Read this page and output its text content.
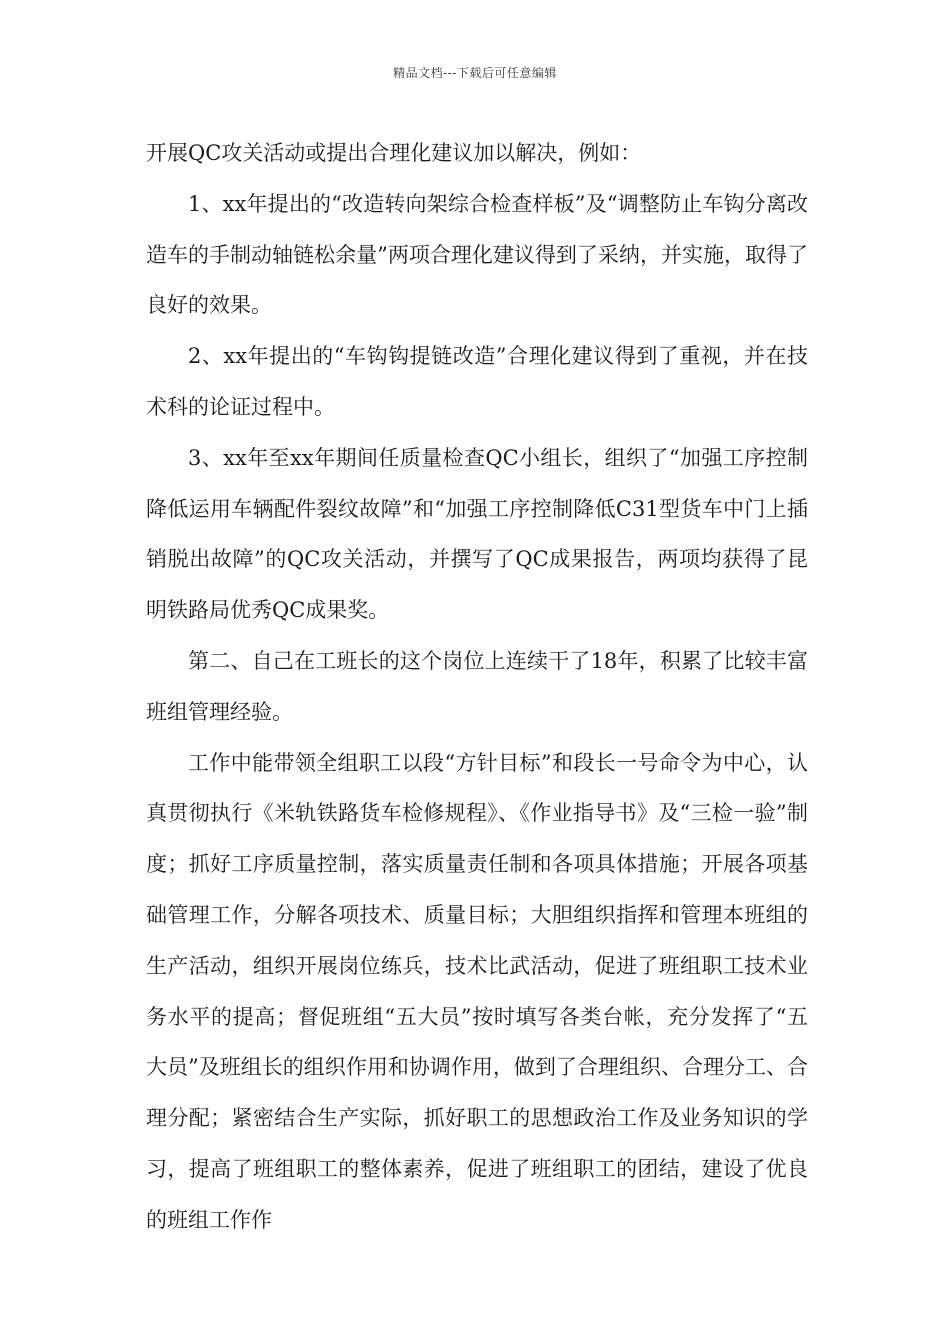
精品文档---下载后可任意编辑

开展QC攻关活动或提出合理化建议加以解决，例如：

1、xx年提出的“改造转向架综合检查样板”及“调整防止车钩分离改造车的手制动轴链松余量”两项合理化建议得到了采纳，并实施，取得了良好的效果。

2、xx年提出的“车钩钩提链改造”合理化建议得到了重视，并在技术科的论证过程中。

3、xx年至xx年期间任质量检查QC小组长，组织了“加强工序控制降低运用车辆配件裂纹故障”和“加强工序控制降低C31型货车中门上插销脱出故障”的QC攻关活动，并撰写了QC成果报告，两项均获得了昆明铁路局优秀QC成果奖。

第二、自己在工班长的这个岗位上连续干了18年，积累了比较丰富班组管理经验。

工作中能带领全组职工以段“方针目标”和段长一号命令为中心，认真贯彻执行《米轨铁路货车检修规程》、《作业指导书》及“三检一验”制度；抓好工序质量控制，落实质量责任制和各项具体措施；开展各项基础管理工作，分解各项技术、质量目标；大胆组织指挥和管理本班组的生产活动，组织开展岗位练兵，技术比武活动，促进了班组职工技术业务水平的提高；督促班组“五大员”按时填写各类台帐，充分发挥了“五大员”及班组长的组织作用和协调作用，做到了合理组织、合理分工、合理分配；紧密结合生产实际，抓好职工的思想政治工作及业务知识的学习，提高了班组职工的整体素养，促进了班组职工的团结，建设了优良的班组工作作
